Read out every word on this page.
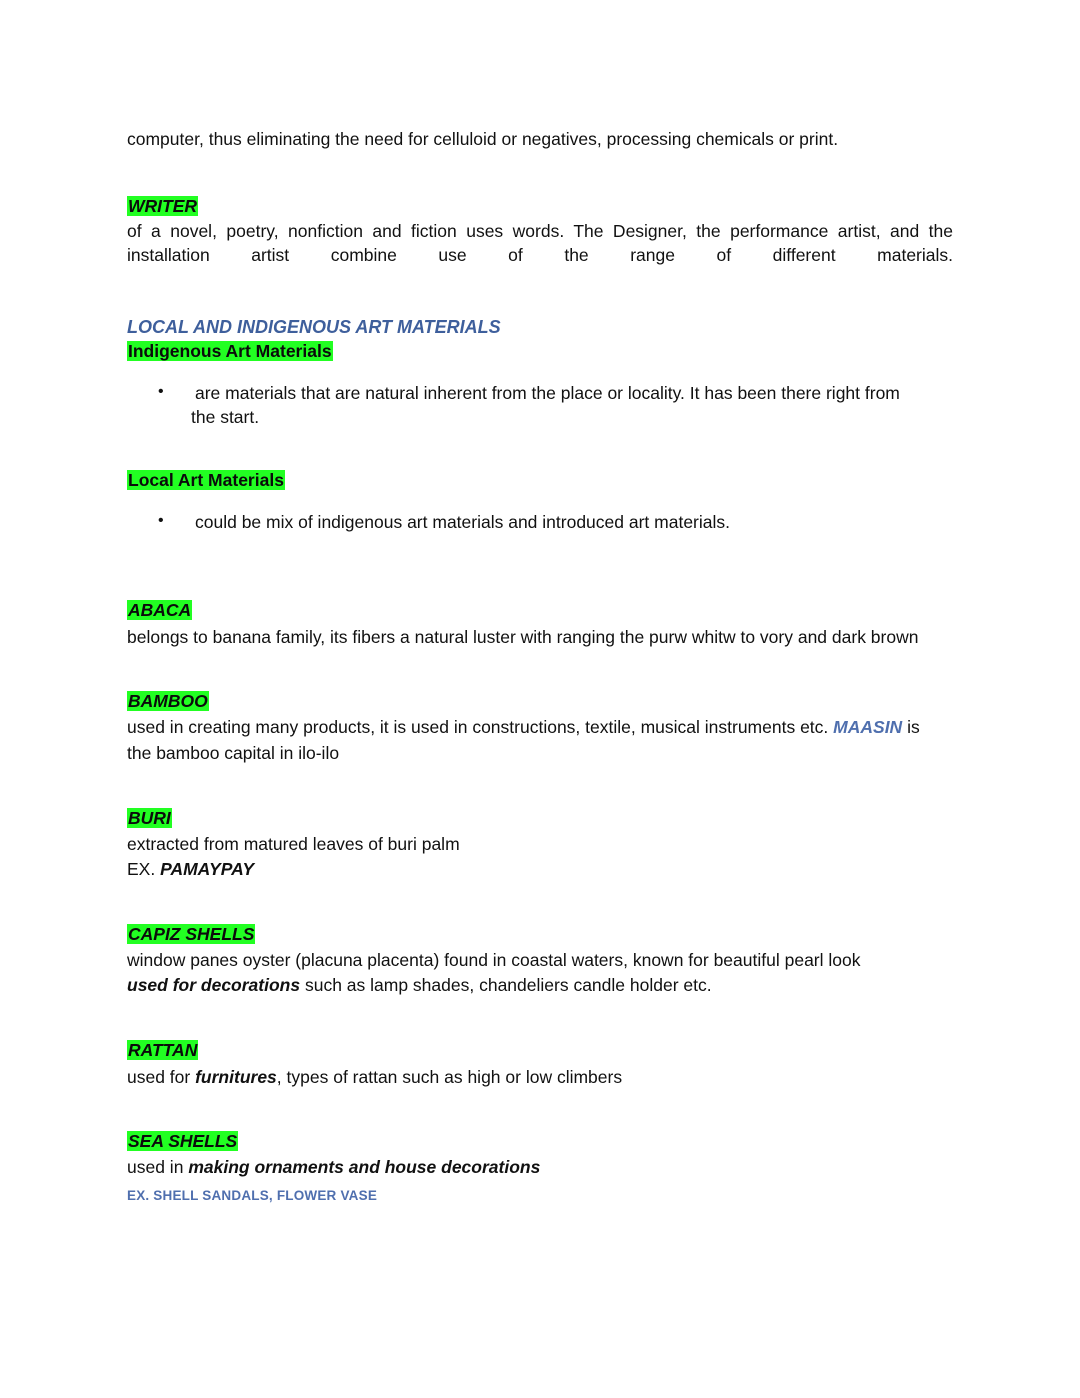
computer, thus eliminating the need for celluloid or negatives, processing chemicals or print.
WRITER
of a novel, poetry, nonfiction and fiction uses words. The Designer, the performance artist, and the
installation artist combine use of the range of different materials.
LOCAL AND INDIGENOUS ART MATERIALS
Indigenous Art Materials
• are materials that are natural inherent from the place or locality. It has been there right from
the start.
Local Art Materials
• could be mix of indigenous art materials and introduced art materials.
ABACA
belongs to banana family, its fibers a natural luster with ranging the purw whitw to vory and dark brown
BAMBOO
used in creating many products, it is used in constructions, textile, musical instruments etc. MAASIN is
the bamboo capital in ilo-ilo
BURI
extracted from matured leaves of buri palm
EX. PAMAYPAY
CAPIZ SHELLS
window panes oyster (placuna placenta) found in coastal waters, known for beautiful pearl look
used for decorations such as lamp shades, chandeliers candle holder etc.
RATTAN
used for furnitures, types of rattan such as high or low climbers
SEA SHELLS
used in making ornaments and house decorations
EX. SHELL SANDALS, FLOWER VASE
